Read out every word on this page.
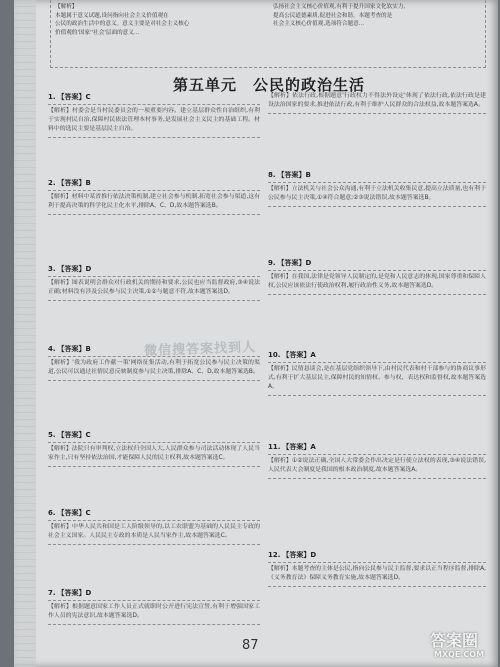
【解析】
本题属于意义试题,设问指向社会主义价值观在
公民的政治生活中的意义。意义主要是对社会主义核心
价值观的'国家''社会'层面的意义...
弘扬社会主义核心价值观,有利于提升国家文化软实力,
提高公民道德素质,促进社会和谐。本题考查的是
社会主义核心价值观,选项符合题意...
第五单元 公民的政治生活
1. 【答案】C
【解析】村委会是当村民委员会的一项重要内容。建立基层群众性自治组织,有利于实现村民自治,保障村民依法管理本村事务,是发展社会主义民主的基础工程。材料中的选民主要是基层民主自治。
2. 【答案】B
【解析】材料中某省推行依法决策机制,建立社会参与机制,拓宽社会参与渠道,这有利于提高决策的科学化民主化水平,排除A、C、D,故本题答案选B。
3. 【答案】D
【解析】图表说明会群众对行政机关的期待和要求,公民也应当监督政府,③④说法正确;材料没有涉及公民参与民主决策,①②与题意不符,故本题答案选D。
4. 【答案】B
【解析】'我为政府工作献一策'网络征集活动,有利于拓宽公民参与民主决策的渠道,公民可以通过社情民意反映制度参与民主决策,排除A、C、D,故本题答案选B。
5. 【答案】C
【解析】法院只有审判权,立法权归全国人大,人民群众参与司法活动体现了人民当家作主,只有坚持依法治国,才能保障人民的民主权利,故本题答案选C。
6. 【答案】C
【解析】中华人民共和国是工人阶级领导的,以工农联盟为基础的人民民主专政的社会主义国家。人民民主专政的本质是人民当家作主,故本题答案选C。
7. 【答案】D
【解析】根据题意国家工作人员正式就职时公开进行宪法宣誓,有利于增强国家工作人员的宪法意识,故本题答案选D。
【解析】依法行政,根据题意'行政权力不得法外设定'体现了依法行政,依法行政是建设法治国家的要求,推进依法行政,有利于维护人民群众的合法权益,故本题答案选A。
8. 【答案】B
【解析】立法机关与社会公众沟通,有利于立法机关收集民意,提高立法质量,也有利于公民参与民主决策,①④符合题意;②③说法错误,故本题答案选B。
9. 【答案】D
【解析】在我国,法律是党领导人民制定的,是党和人民意志的体现,国家尊重和保障人权,公民应该依法行使政治权利,履行政治性义务,故本题答案选D。
10. 【答案】A
【解析】民情恳谈会,是在基层党组织领导下,由村民代表和村干部参与的协商议事形式,有利于扩大基层民主,保障村民的知情权、参与权、表达权和监督权,故本题答案选A。
11. 【答案】A
【解析】①②说法正确,全国人大常委会作出决定是行使立法权的表现,③④说法错误,人民代表大会制度是我国的根本政治制度,故本题答案选A。
12. 【答案】D
【解析】本题考查的主体是公民,指向公民参与民主监督,要求以正当程序监督,排除A,《义务教育法》保障义务教育实施,故本题答案选D。
微信搜答案找到人
87	答案圈
MXQE.COM
